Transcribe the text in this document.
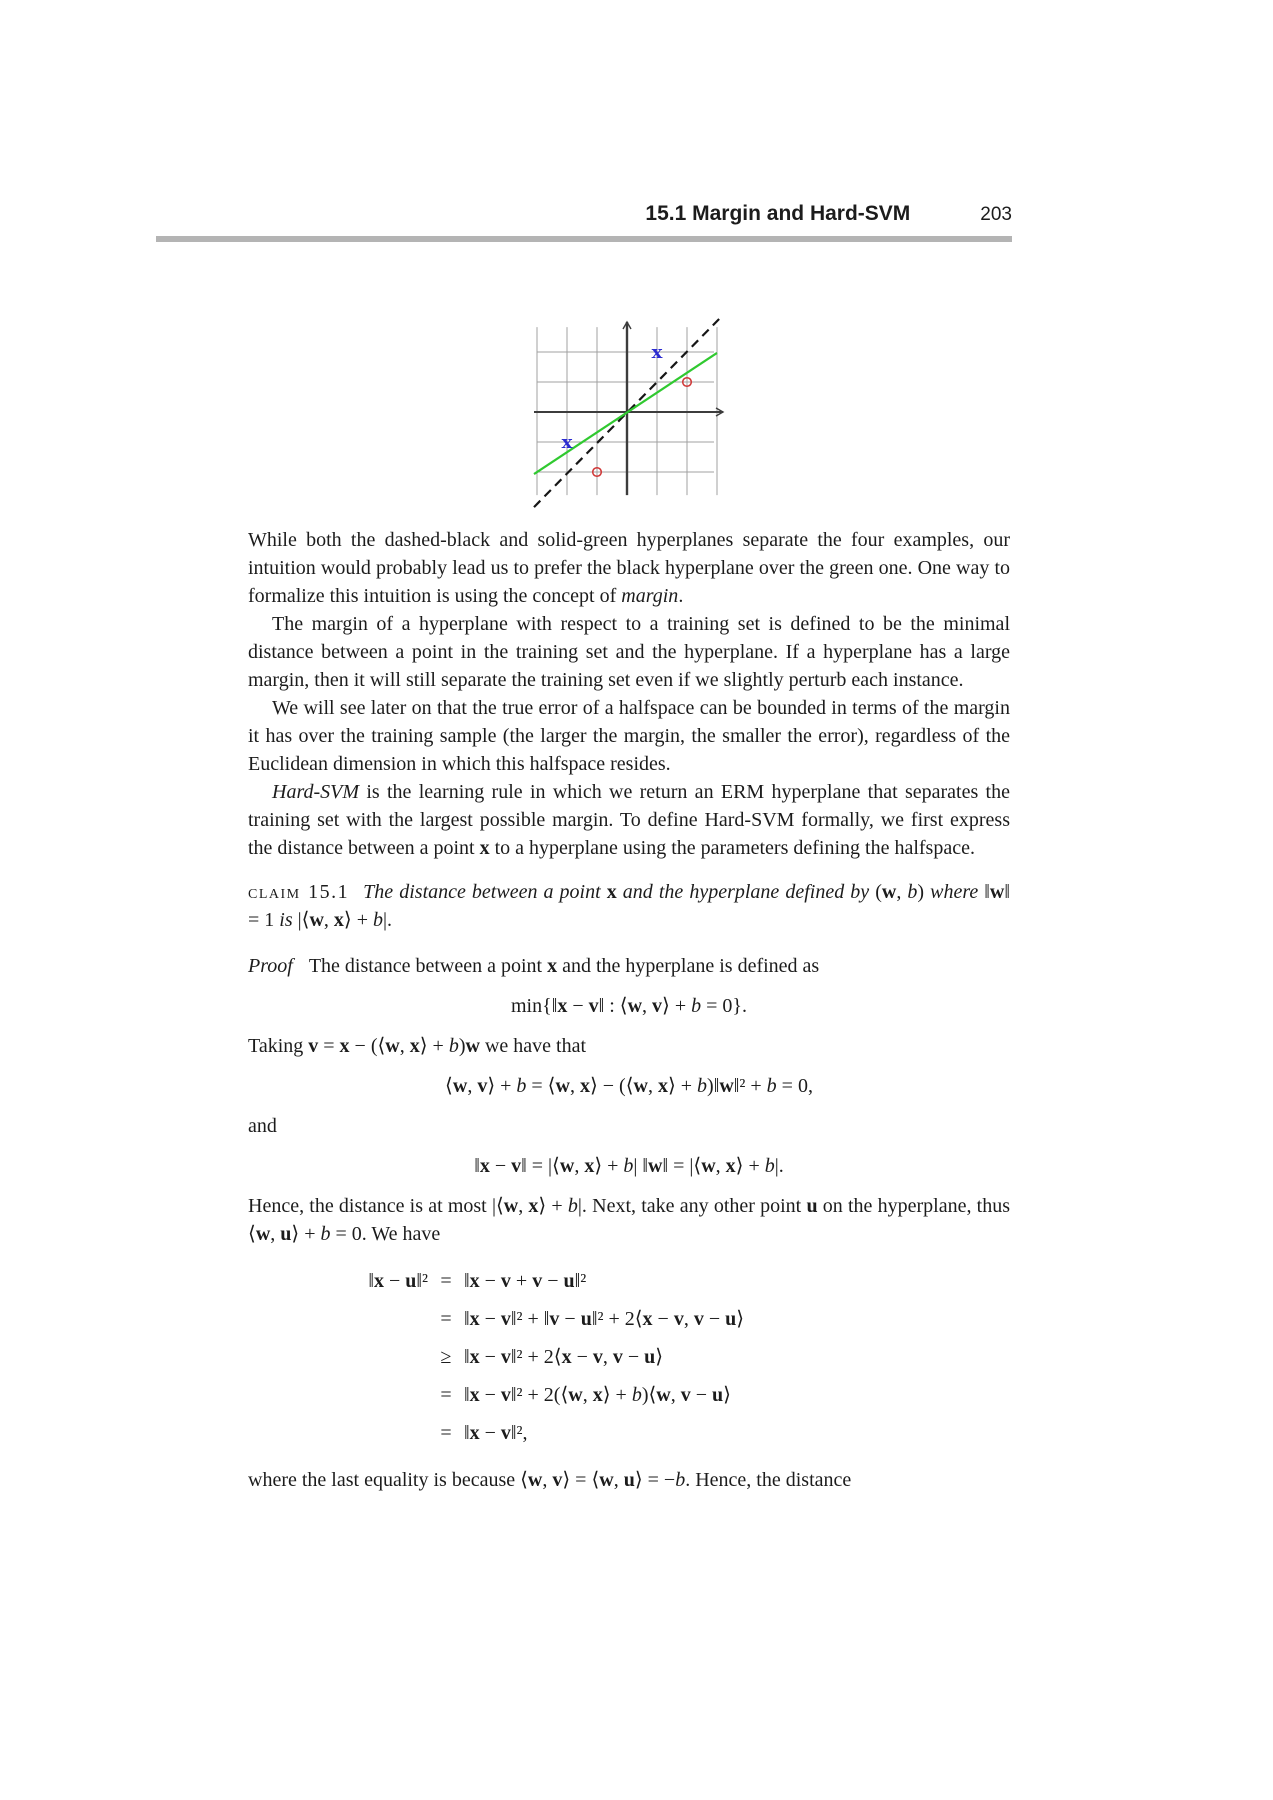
15.1 Margin and Hard-SVM	203
x
x

While both the dashed-black and solid-green hyperplanes separate the four examples, our intuition would probably lead us to prefer the black hyperplane over the green one. One way to formalize this intuition is using the concept of margin.

The margin of a hyperplane with respect to a training set is defined to be the minimal distance between a point in the training set and the hyperplane. If a hyperplane has a large margin, then it will still separate the training set even if we slightly perturb each instance.

We will see later on that the true error of a halfspace can be bounded in terms of the margin it has over the training sample (the larger the margin, the smaller the error), regardless of the Euclidean dimension in which this halfspace resides.

Hard-SVM is the learning rule in which we return an ERM hyperplane that separates the training set with the largest possible margin. To define Hard-SVM formally, we first express the distance between a point x to a hyperplane using the parameters defining the halfspace.

claim 15.1 The distance between a point x and the hyperplane defined by (w, b) where ‖w‖ = 1 is |⟨w, x⟩ + b|.

Proof The distance between a point x and the hyperplane is defined as

min{‖x − v‖ : ⟨w, v⟩ + b = 0}.

Taking v = x − (⟨w, x⟩ + b)w we have that

⟨w, v⟩ + b = ⟨w, x⟩ − (⟨w, x⟩ + b)‖w‖² + b = 0,

and

‖x − v‖ = |⟨w, x⟩ + b| ‖w‖ = |⟨w, x⟩ + b|.

Hence, the distance is at most |⟨w, x⟩ + b|. Next, take any other point u on the hyperplane, thus ⟨w, u⟩ + b = 0. We have

‖x − u‖² = ‖x − v + v − u‖²
= ‖x − v‖² + ‖v − u‖² + 2⟨x − v, v − u⟩
≥ ‖x − v‖² + 2⟨x − v, v − u⟩
= ‖x − v‖² + 2(⟨w, x⟩ + b)⟨w, v − u⟩
= ‖x − v‖²,

where the last equality is because ⟨w, v⟩ = ⟨w, u⟩ = −b. Hence, the distance
